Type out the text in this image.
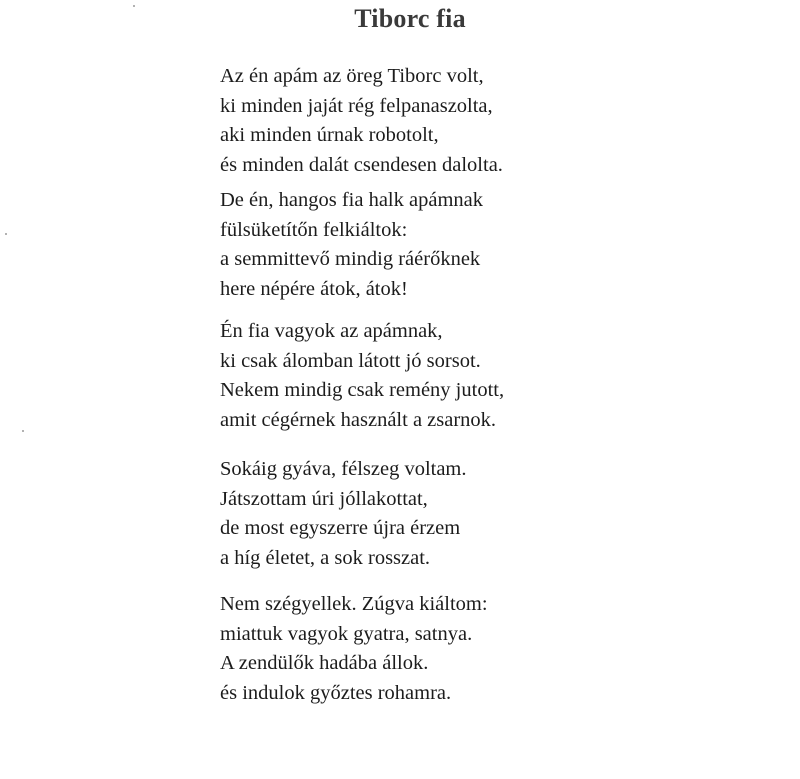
Tiborc fia
Az én apám az öreg Tiborc volt,
ki minden jaját rég felpanaszolta,
aki minden úrnak robotolt,
és minden dalát csendesen dalolta.
De én, hangos fia halk apámnak
fülsüketítőn felkiáltok:
a semmittevő mindig ráérőknek
here népére átok, átok!
Én fia vagyok az apámnak,
ki csak álomban látott jó sorsot.
Nekem mindig csak remény jutott,
amit cégérnek használt a zsarnok.
Sokáig gyáva, félszeg voltam.
Játszottam úri jóllakottat,
de most egyszerre újra érzem
a híg életet, a sok rosszat.
Nem szégyellek. Zúgva kiáltom:
miattuk vagyok gyatra, satnya.
A zendülők hadába állok.
és indulok győztes rohamra.
